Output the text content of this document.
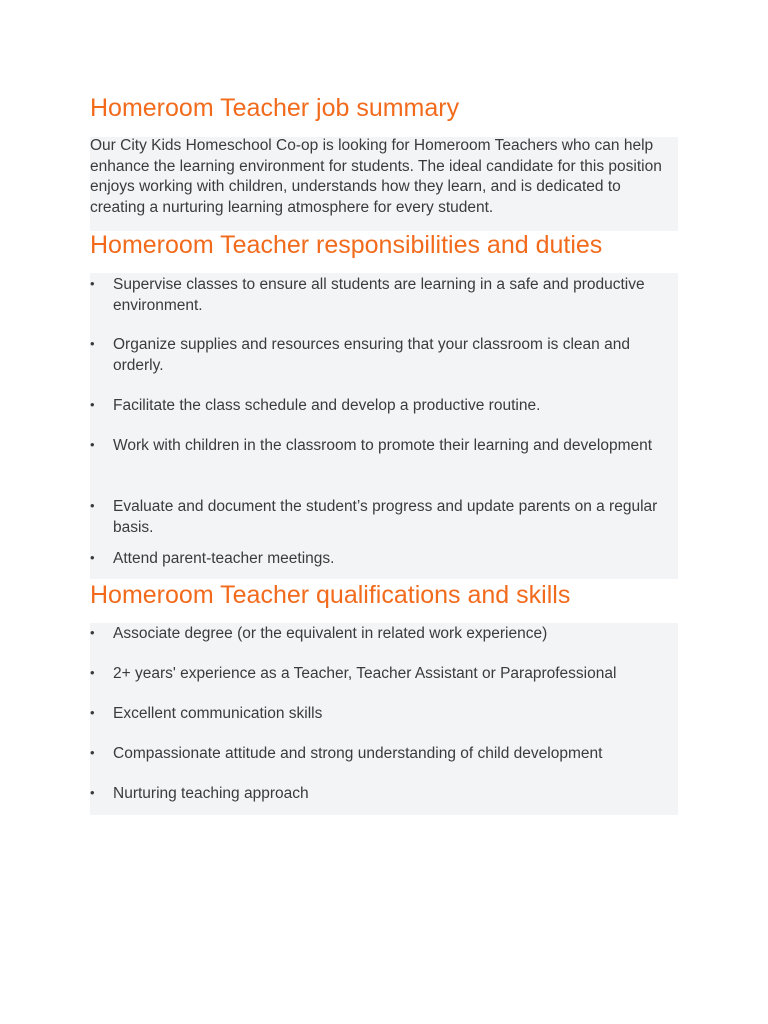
Homeroom Teacher job summary

Our City Kids Homeschool Co-op is looking for Homeroom Teachers who can help enhance the learning environment for students. The ideal candidate for this position enjoys working with children, understands how they learn, and is dedicated to creating a nurturing learning atmosphere for every student.

Homeroom Teacher responsibilities and duties
• Supervise classes to ensure all students are learning in a safe and productive environment.
• Organize supplies and resources ensuring that your classroom is clean and orderly.
• Facilitate the class schedule and develop a productive routine.
• Work with children in the classroom to promote their learning and development
• Evaluate and document the student’s progress and update parents on a regular basis.
• Attend parent-teacher meetings.
Homeroom Teacher qualifications and skills
• Associate degree (or the equivalent in related work experience)
• 2+ years' experience as a Teacher, Teacher Assistant or Paraprofessional
• Excellent communication skills
• Compassionate attitude and strong understanding of child development
• Nurturing teaching approach
